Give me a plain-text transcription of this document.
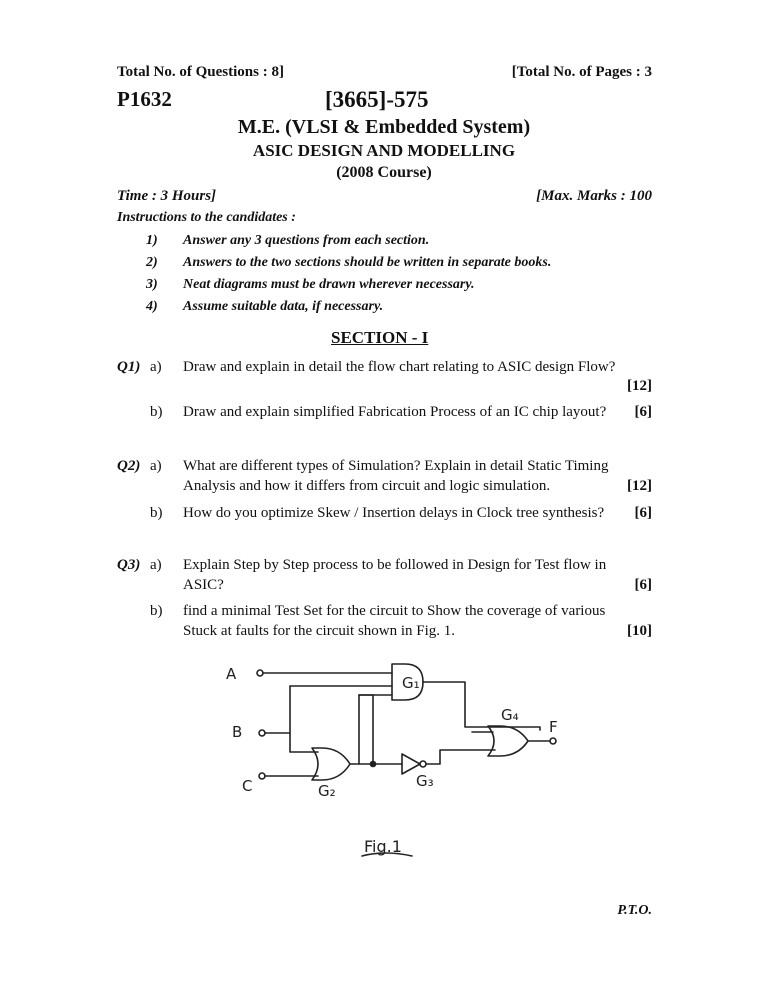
Total No. of Questions : 8]	[Total No. of Pages : 3
P1632	[3665]-575
M.E. (VLSI & Embedded System)
ASIC DESIGN AND MODELLING
(2008 Course)
Time : 3 Hours]	[Max. Marks : 100
Instructions to the candidates :
1) Answer any 3 questions from each section.
2) Answers to the two sections should be written in separate books.
3) Neat diagrams must be drawn wherever necessary.
4) Assume suitable data, if necessary.
SECTION - I
Q1) a) Draw and explain in detail the flow chart relating to ASIC design Flow?
[12]
b) Draw and explain simplified Fabrication Process of an IC chip layout? [6]
Q2) a) What are different types of Simulation? Explain in detail Static Timing
Analysis and how it differs from circuit and logic simulation.	[12]
b) How do you optimize Skew / Insertion delays in Clock tree synthesis? [6]
Q3) a) Explain Step by Step process to be followed in Design for Test flow in
ASIC?	[6]
b) find a minimal Test Set for the circuit to Show the coverage of various
Stuck at faults for the circuit shown in Fig. 1.	[10]
A
B
C
G₁
G₂
G₃
G₄
F
Fig.1
P.T.O.
